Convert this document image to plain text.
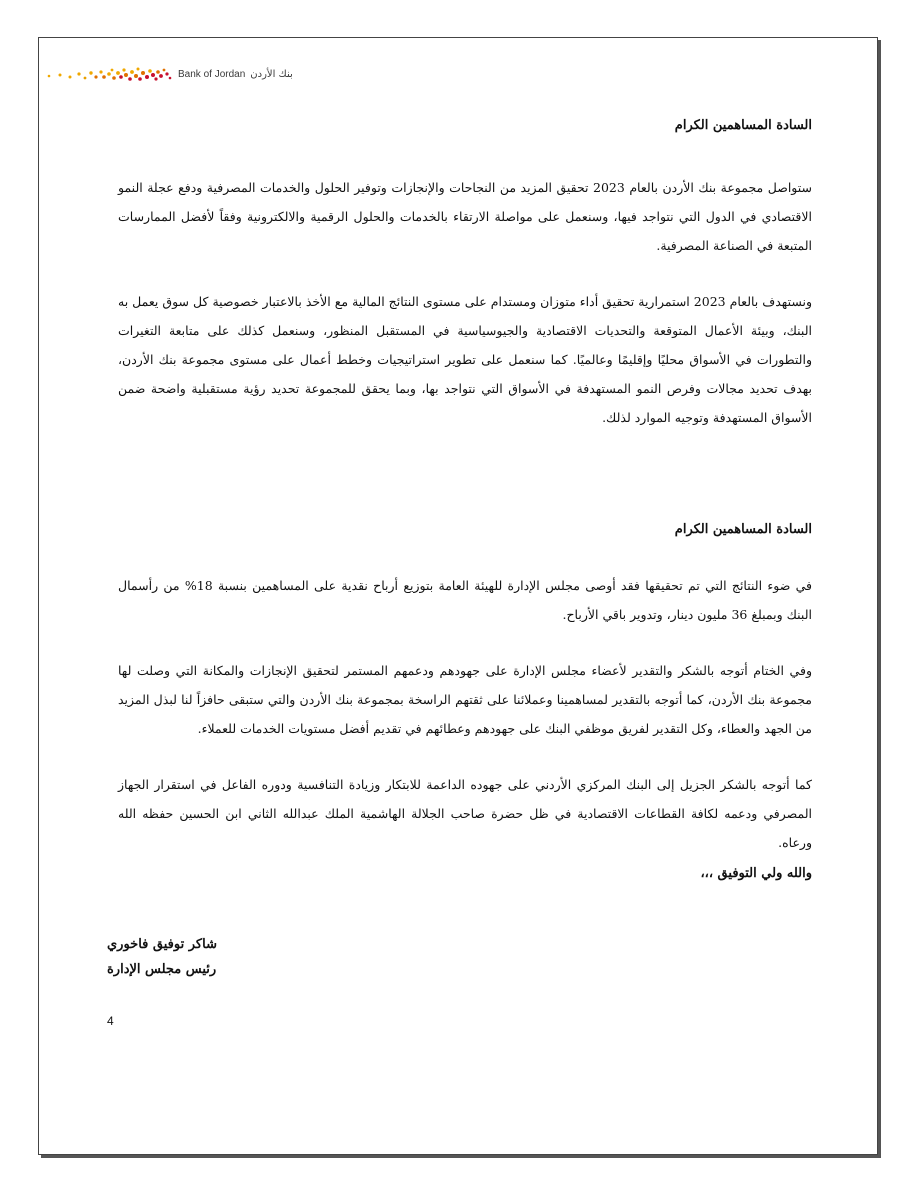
Bank of Jordan بنك الأردن
السادة المساهمين الكرام
ستواصل مجموعة بنك الأردن بالعام 2023 تحقيق المزيد من النجاحات والإنجازات وتوفير الحلول والخدمات المصرفية ودفع عجلة النمو الاقتصادي في الدول التي نتواجد فيها، وسنعمل على مواصلة الارتقاء بالخدمات والحلول الرقمية والالكترونية وفقاً لأفضل الممارسات المتبعة في الصناعة المصرفية.
ونستهدف بالعام 2023 استمرارية تحقيق أداء متوزان ومستدام على مستوى النتائج المالية مع الأخذ بالاعتبار خصوصية كل سوق يعمل به البنك، وبيئة الأعمال المتوقعة والتحديات الاقتصادية والجيوسياسية في المستقبل المنظور، وسنعمل كذلك على متابعة التغيرات والتطورات في الأسواق محليًا وإقليمًا وعالميًا. كما سنعمل على تطوير استراتيجيات وخطط أعمال على مستوى مجموعة بنك الأردن، بهدف تحديد مجالات وفرص النمو المستهدفة في الأسواق التي نتواجد بها، وبما يحقق للمجموعة تحديد رؤية مستقبلية واضحة ضمن الأسواق المستهدفة وتوجيه الموارد لذلك.
السادة المساهمين الكرام
في ضوء النتائج التي تم تحقيقها فقد أوصى مجلس الإدارة للهيئة العامة بتوزيع أرباح نقدية على المساهمين بنسبة 18% من رأسمال البنك وبمبلغ 36 مليون دينار، وتدوير باقي الأرباح.
وفي الختام أتوجه بالشكر والتقدير لأعضاء مجلس الإدارة على جهودهم ودعمهم المستمر لتحقيق الإنجازات والمكانة التي وصلت لها مجموعة بنك الأردن، كما أتوجه بالتقدير لمساهمينا وعملائنا على ثقتهم الراسخة بمجموعة بنك الأردن والتي ستبقى حافزاً لنا لبذل المزيد من الجهد والعطاء، وكل التقدير لفريق موظفي البنك على جهودهم وعطائهم في تقديم أفضل مستويات الخدمات للعملاء.
كما أتوجه بالشكر الجزيل إلى البنك المركزي الأردني على جهوده الداعمة للابتكار وزيادة التنافسية ودوره الفاعل في استقرار الجهاز المصرفي ودعمه لكافة القطاعات الاقتصادية في ظل حضرة صاحب الجلالة الهاشمية الملك عبدالله الثاني ابن الحسين حفظه الله ورعاه.
والله ولي التوفيق ،،،
شاكر توفيق فاخوري
رئيس مجلس الإدارة
4
